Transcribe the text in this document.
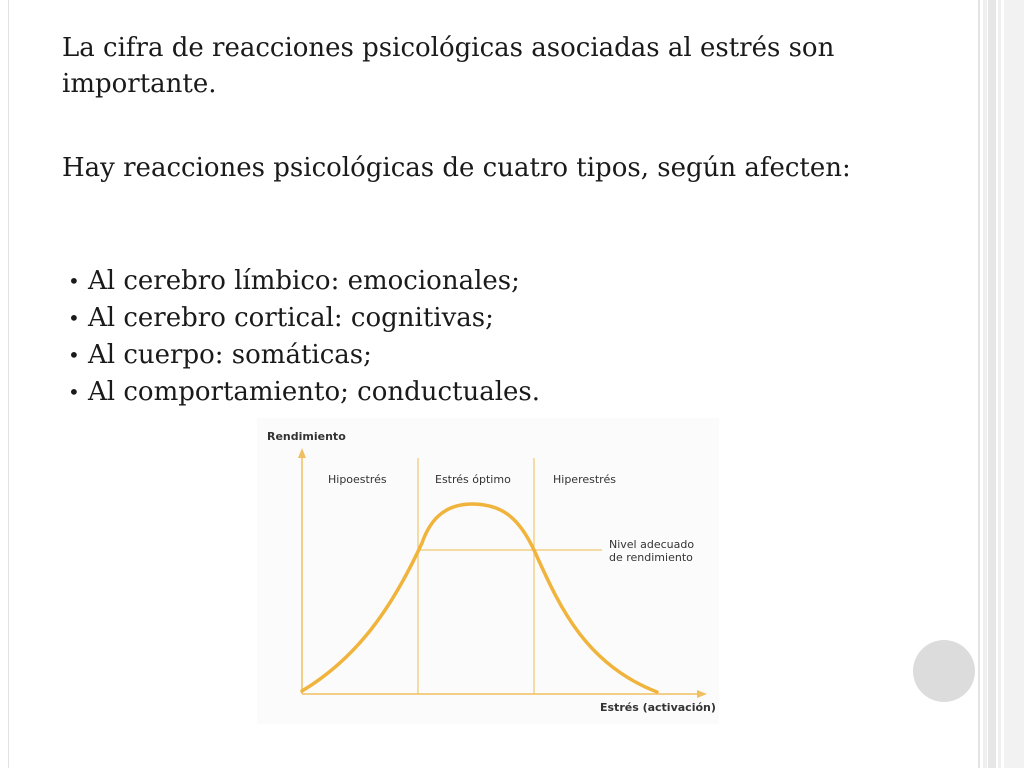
La cifra de reacciones psicológicas asociadas al estrés son importante.
Hay reacciones psicológicas de cuatro tipos, según afecten:
• Al cerebro límbico: emocionales;
• Al cerebro cortical: cognitivas;
• Al cuerpo: somáticas;
• Al comportamiento; conductuales.
Rendimiento
Estrés (activación)
Hipoestrés	Estrés óptimo	Hiperestrés
Nivel adecuado
de rendimiento
